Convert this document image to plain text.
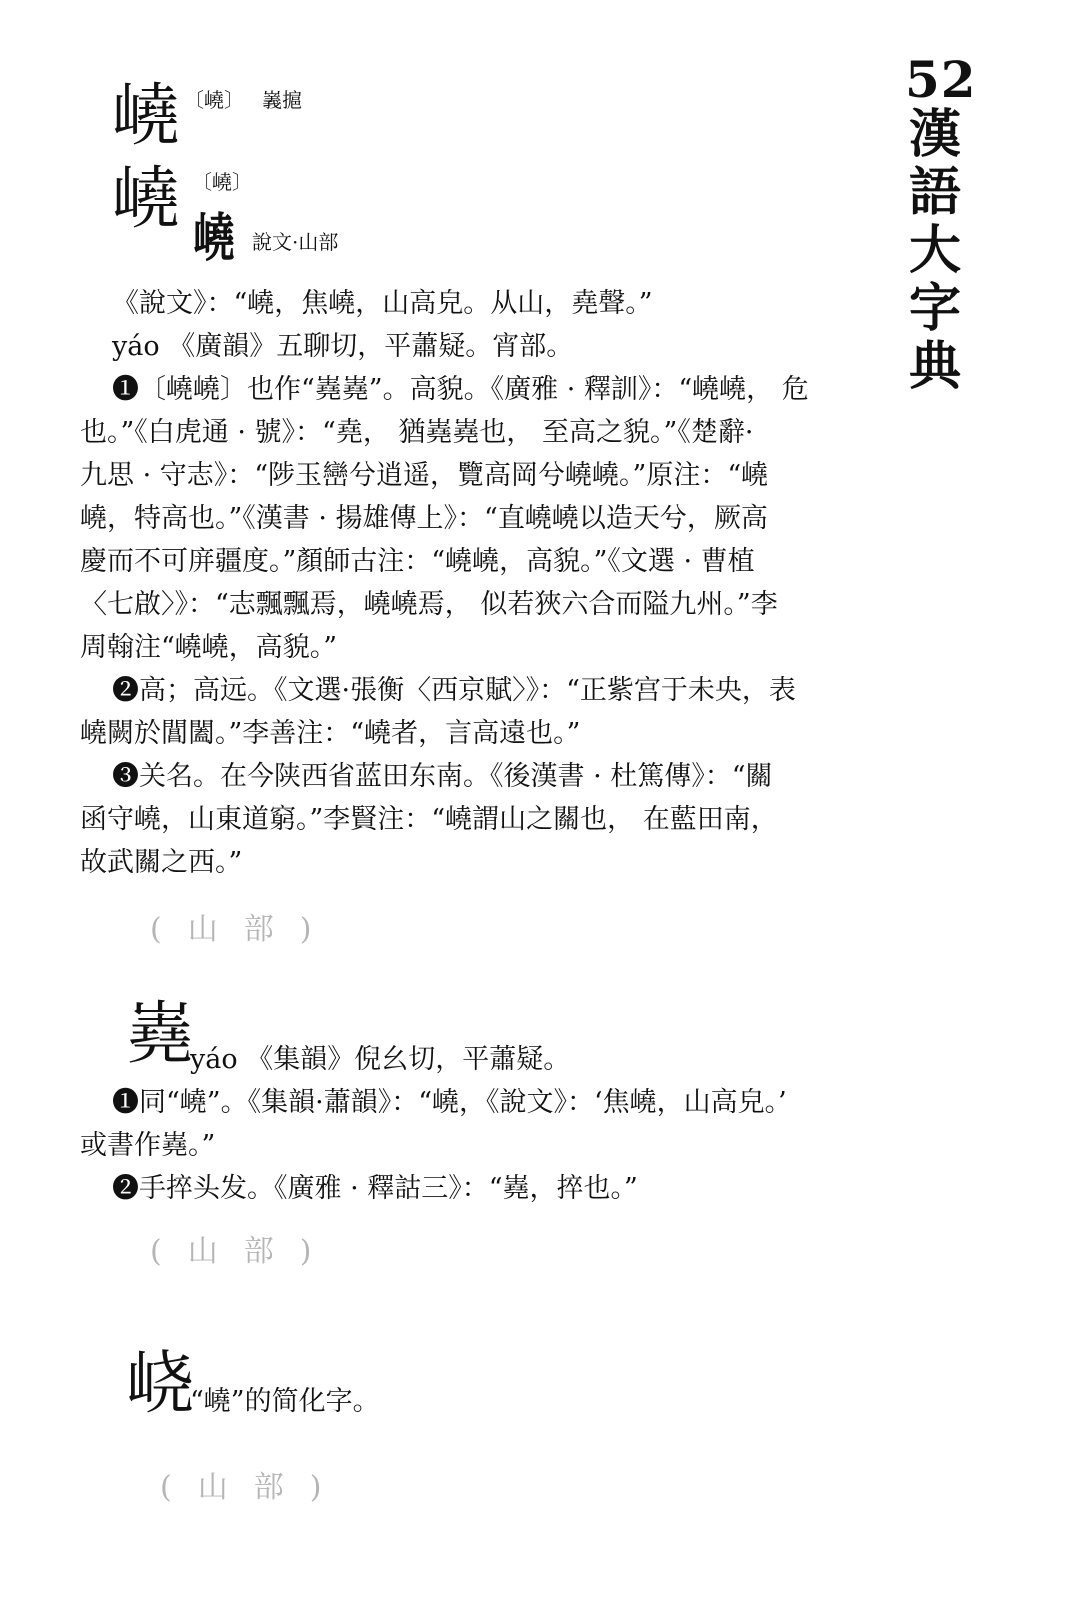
52
漢
語
大
字
典
嶢 〔嶢〕 㠖㨭
嶢 〔嶢〕
嶢 說文·山部
《說文》：“嶢，焦嶢，山高皃。从山，堯聲。”
yáo 《廣韻》五聊切，平蕭疑。宵部。
❶〔嶢嶢〕也作“嶤嶤”。高貌。《廣雅 · 釋訓》：“嶢嶢， 危
也。”《白虎通 · 號》：“堯， 猶嶤嶤也， 至高之貌。”《楚辭·
九思 · 守志》：“陟玉巒兮逍遥，覽高岡兮嶢嶢。”原注：“嶢
嶢，特高也。”《漢書 · 揚雄傳上》：“直嶢嶢以造天兮，厥高
慶而不可庰疆度。”顏師古注：“嶢嶢，高貌。”《文選 · 曹植
〈七啟〉》：“志飄飄焉，嶢嶢焉， 似若狹六合而隘九州。”李
周翰注“嶢嶢，高貌。”
❷高；高远。《文選·張衡〈西京賦〉》：“正紫宫于未央，表
嶢闕於閶闔。”李善注：“嶢者，言高遠也。”
❸关名。在今陕西省蓝田东南。《後漢書 · 杜篤傳》：“關
函守嶢，山東道窮。”李賢注：“嶢謂山之關也， 在藍田南，
故武關之西。”
(山部)
嶤
yáo 《集韻》倪幺切，平蕭疑。
❶同“嶢”。《集韻·蕭韻》：“嶢，《說文》：‘焦嶢，山高皃。’
或書作嶤。”
❷手捽头发。《廣雅 · 釋詁三》：“嶤，捽也。”
(山部)
峣
“嶢”的简化字。
(山部)
